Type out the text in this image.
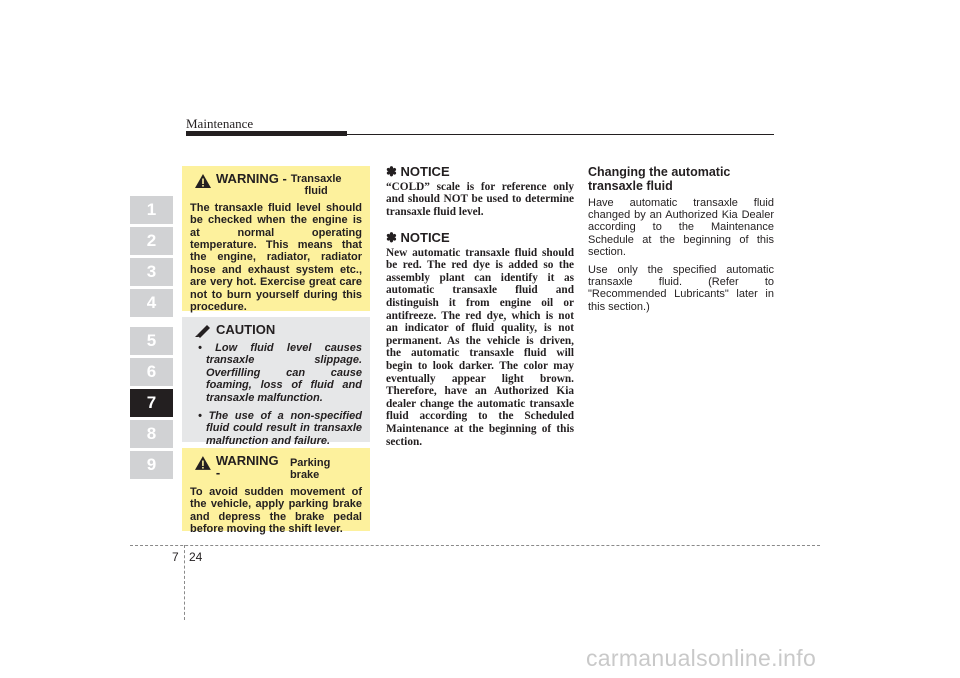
Maintenance
1
2
3
4
5
6
7
8
9
WARNING - Transaxle
fluid

The transaxle fluid level should be checked when the engine is at normal operating temperature. This means that the engine, radiator, radiator hose and exhaust system etc., are very hot. Exercise great care not to burn yourself during this procedure.

CAUTION
• Low fluid level causes transaxle slippage. Overfilling can cause foaming, loss of fluid and transaxle malfunction.
• The use of a non-specified fluid could result in transaxle malfunction and failure.
WARNING -
Parking brake

To avoid sudden movement of the vehicle, apply parking brake and depress the brake pedal before moving the shift lever.

✽ NOTICE

“COLD” scale is for reference only and should NOT be used to determine transaxle fluid level.

✽ NOTICE

New automatic transaxle fluid should be red. The red dye is added so the assembly plant can identify it as automatic transaxle fluid and distinguish it from engine oil or antifreeze. The red dye, which is not an indicator of fluid quality, is not permanent. As the vehicle is driven, the automatic transaxle fluid will begin to look darker. The color may eventually appear light brown. Therefore, have an Authorized Kia dealer change the automatic transaxle fluid according to the Scheduled Maintenance at the beginning of this section.

Changing the automatic
transaxle fluid

Have automatic transaxle fluid changed by an Authorized Kia Dealer according to the Maintenance Schedule at the beginning of this section.

Use only the specified automatic transaxle fluid. (Refer to "Recommended Lubricants" later in this section.)

7 24
carmanualsonline.info
